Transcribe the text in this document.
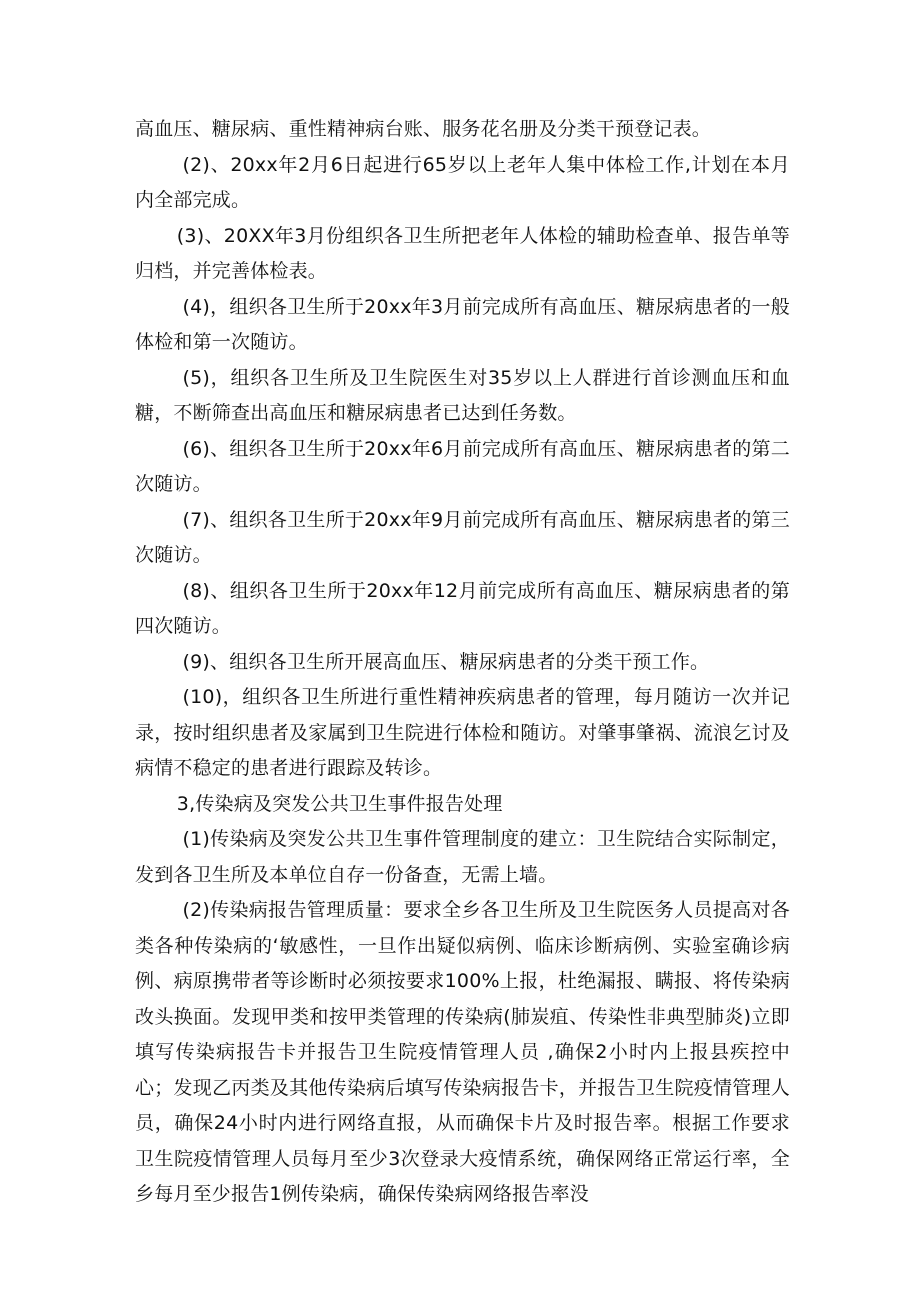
高血压、糖尿病、重性精神病台账、服务花名册及分类干预登记表。

(2)、20xx年2月6日起进行65岁以上老年人集中体检工作,计划在本月内全部完成。

(3)、20XX年3月份组织各卫生所把老年人体检的辅助检查单、报告单等归档，并完善体检表。

(4)，组织各卫生所于20xx年3月前完成所有高血压、糖尿病患者的一般体检和第一次随访。

(5)，组织各卫生所及卫生院医生对35岁以上人群进行首诊测血压和血糖，不断筛查出高血压和糖尿病患者已达到任务数。

(6)、组织各卫生所于20xx年6月前完成所有高血压、糖尿病患者的第二次随访。

(7)、组织各卫生所于20xx年9月前完成所有高血压、糖尿病患者的第三次随访。

(8)、组织各卫生所于20xx年12月前完成所有高血压、糖尿病患者的第四次随访。

(9)、组织各卫生所开展高血压、糖尿病患者的分类干预工作。

(10)，组织各卫生所进行重性精神疾病患者的管理，每月随访一次并记录，按时组织患者及家属到卫生院进行体检和随访。对肇事肇祸、流浪乞讨及病情不稳定的患者进行跟踪及转诊。

3,传染病及突发公共卫生事件报告处理

(1)传染病及突发公共卫生事件管理制度的建立：卫生院结合实际制定，发到各卫生所及本单位自存一份备查，无需上墙。

(2)传染病报告管理质量：要求全乡各卫生所及卫生院医务人员提高对各类各种传染病的‘敏感性，一旦作出疑似病例、临床诊断病例、实验室确诊病例、病原携带者等诊断时必须按要求100%上报，杜绝漏报、瞒报、将传染病改头换面。发现甲类和按甲类管理的传染病(肺炭疽、传染性非典型肺炎)立即填写传染病报告卡并报告卫生院疫情管理人员 ,确保2小时内上报县疾控中心；发现乙丙类及其他传染病后填写传染病报告卡，并报告卫生院疫情管理人员，确保24小时内进行网络直报，从而确保卡片及时报告率。根据工作要求卫生院疫情管理人员每月至少3次登录大疫情系统，确保网络正常运行率，全乡每月至少报告1例传染病，确保传染病网络报告率没
